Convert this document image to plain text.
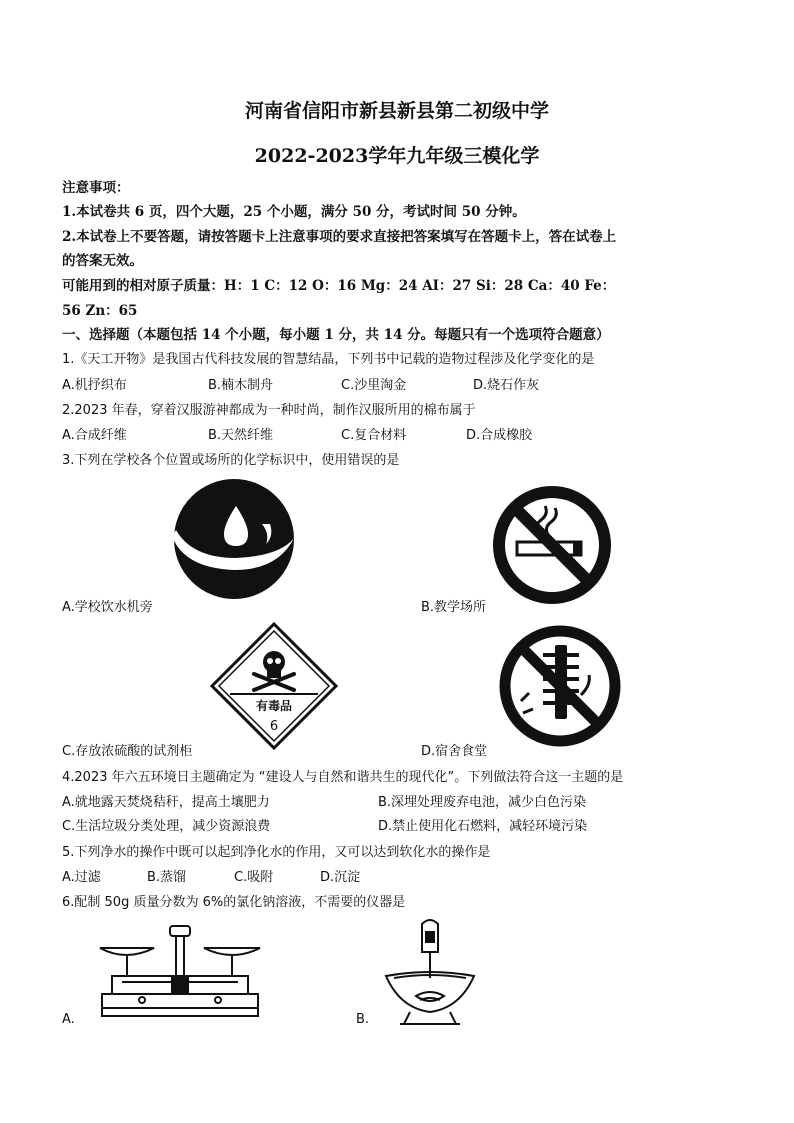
河南省信阳市新县新县第二初级中学
2022-2023学年九年级三模化学
注意事项：
1.本试卷共 6 页，四个大题，25 个小题，满分 50 分，考试时间 50 分钟。
2.本试卷上不要答题，请按答题卡上注意事项的要求直接把答案填写在答题卡上，答在试卷上
的答案无效。
可能用到的相对原子质量：H：1 C：12 O：16 Mg：24 AI：27 Si：28 Ca：40 Fe：
56 Zn：65
一、选择题（本题包括 14 个小题，每小题 1 分，共 14 分。每题只有一个选项符合题意）
1.《天工开物》是我国古代科技发展的智慧结晶，下列书中记载的造物过程涉及化学变化的是
A.机抒织布	B.楠木制舟	C.沙里淘金	D.烧石作灰
2.2023 年春，穿着汉服游神都成为一种时尚，制作汉服所用的棉布属于
A.合成纤维	B.天然纤维	C.复合材料	D.合成橡胶
3.下列在学校各个位置或场所的化学标识中，使用错误的是
A.学校饮水机旁	B.教学场所
有毒品
6
C.存放浓硫酸的试剂柜	D.宿舍食堂
4.2023 年六五环境日主题确定为 “建设人与自然和谐共生的现代化”。下列做法符合这一主题的是
A.就地露天焚烧秸秆，提高土壤肥力	B.深埋处理废弃电池，减少白色污染
C.生活垃圾分类处理，减少资源浪费	D.禁止使用化石燃料，减轻环境污染
5.下列净水的操作中既可以起到净化水的作用，又可以达到软化水的操作是
A.过滤	B.蒸馏	C.吸附	D.沉淀
6.配制 50g 质量分数为 6%的氯化钠溶液，不需要的仪器是
A.	B.
